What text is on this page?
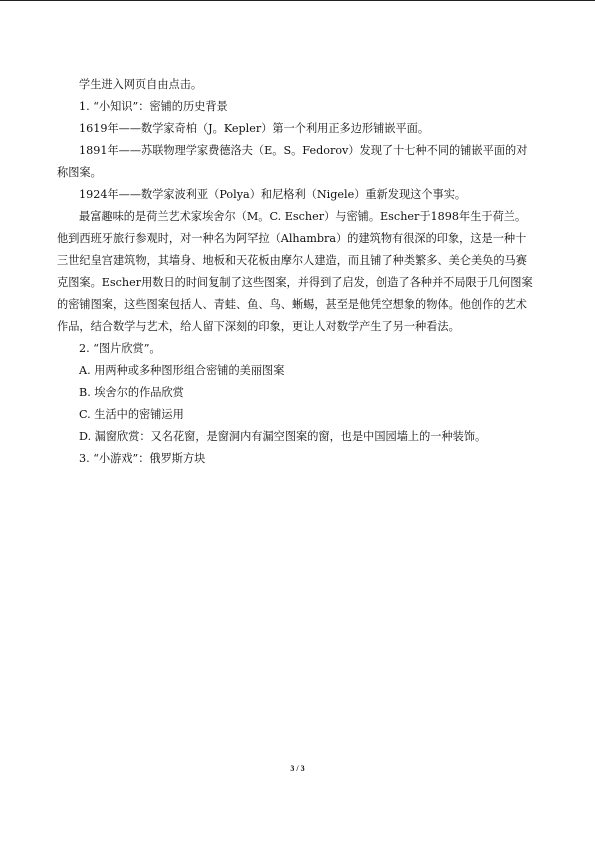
学生进入网页自由点击。

1. “小知识”：密铺的历史背景

1619年——数学家奇柏（J。Kepler）第一个利用正多边形铺嵌平面。

1891年——苏联物理学家费德洛夫（E。S。Fedorov）发现了十七种不同的铺嵌平面的对称图案。

1924年——数学家波利亚（Polya）和尼格利（Nigele）重新发现这个事实。

最富趣味的是荷兰艺术家埃舍尔（M。C. Escher）与密铺。Escher于1898年生于荷兰。他到西班牙旅行参观时，对一种名为阿罕拉（Alhambra）的建筑物有很深的印象，这是一种十三世纪皇宫建筑物，其墙身、地板和天花板由摩尔人建造，而且铺了种类繁多、美仑美奂的马赛克图案。Escher用数日的时间复制了这些图案，并得到了启发，创造了各种并不局限于几何图案的密铺图案，这些图案包括人、青蛙、鱼、鸟、蜥蜴，甚至是他凭空想象的物体。他创作的艺术作品，结合数学与艺术，给人留下深刻的印象，更让人对数学产生了另一种看法。

2. “图片欣赏”。

A. 用两种或多种图形组合密铺的美丽图案

B. 埃舍尔的作品欣赏

C. 生活中的密铺运用

D. 漏窗欣赏：又名花窗，是窗洞内有漏空图案的窗，也是中国园墙上的一种装饰。

3. “小游戏”：俄罗斯方块

3 / 3
